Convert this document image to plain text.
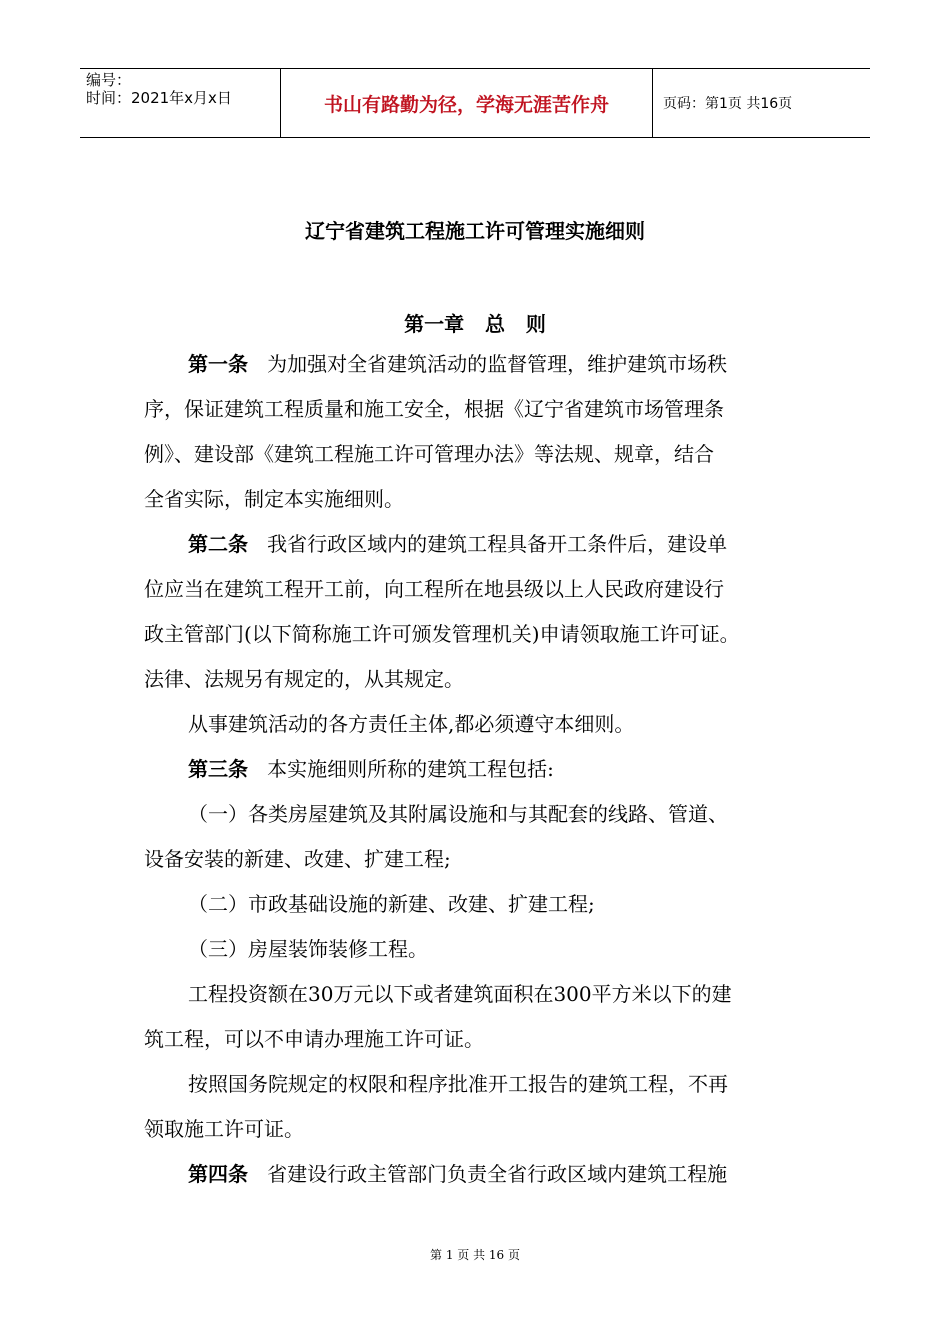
编号：
时间：2021年x月x日	书山有路勤为径，学海无涯苦作舟	页码：第1页 共16页
辽宁省建筑工程施工许可管理实施细则
第一章   总   则
第一条   为加强对全省建筑活动的监督管理，维护建筑市场秩
序，保证建筑工程质量和施工安全，根据《辽宁省建筑市场管理条
例》、建设部《建筑工程施工许可管理办法》等法规、规章，结合
全省实际，制定本实施细则。
第二条   我省行政区域内的建筑工程具备开工条件后，建设单
位应当在建筑工程开工前，向工程所在地县级以上人民政府建设行
政主管部门(以下简称施工许可颁发管理机关)申请领取施工许可证。
法律、法规另有规定的，从其规定。
从事建筑活动的各方责任主体,都必须遵守本细则。
第三条   本实施细则所称的建筑工程包括:
（一）各类房屋建筑及其附属设施和与其配套的线路、管道、
设备安装的新建、改建、扩建工程;
（二）市政基础设施的新建、改建、扩建工程;
（三）房屋装饰装修工程。
工程投资额在30万元以下或者建筑面积在300平方米以下的建
筑工程，可以不申请办理施工许可证。
按照国务院规定的权限和程序批准开工报告的建筑工程，不再
领取施工许可证。
第四条   省建设行政主管部门负责全省行政区域内建筑工程施
第 1 页 共 16 页
